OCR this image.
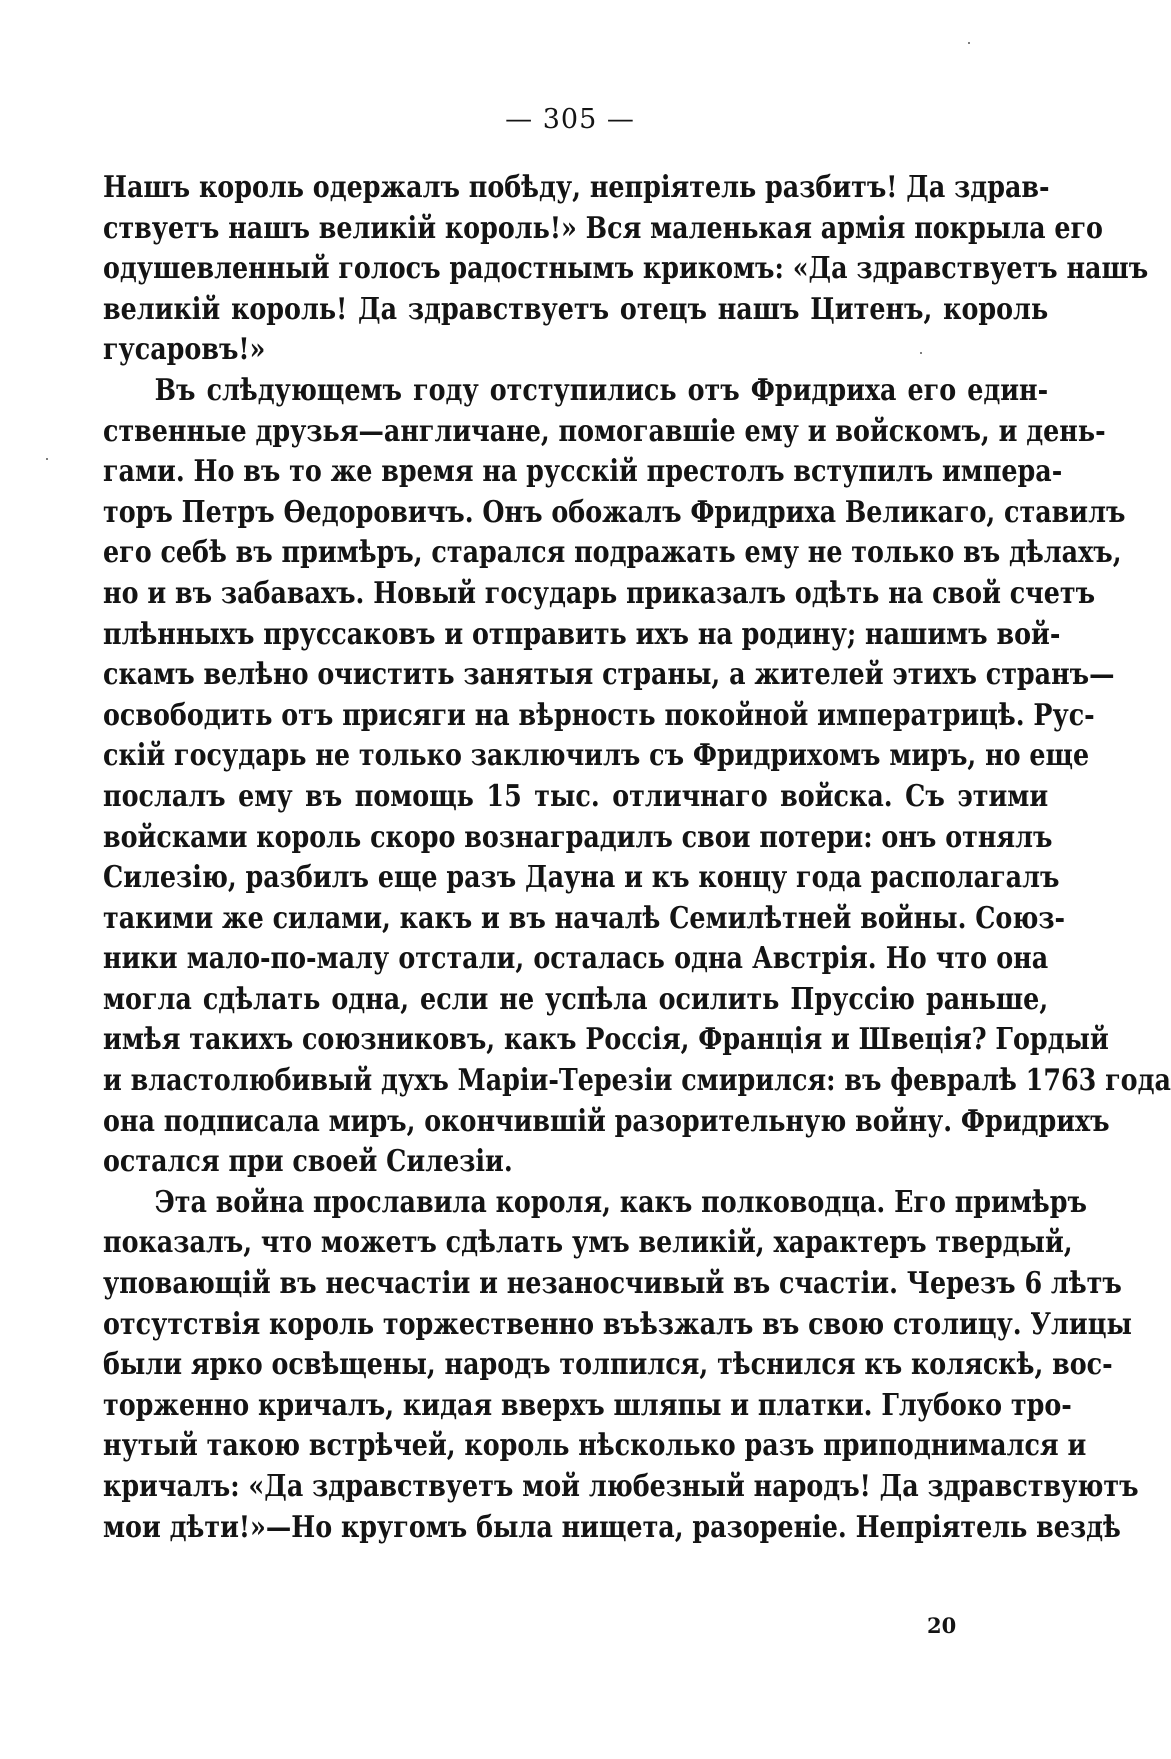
— 305 —
Нашъ король одержалъ побѣду, непріятель разбитъ! Да здрав-
ствуетъ нашъ великій король!» Вся маленькая армія покрыла его
одушевленный голосъ радостнымъ крикомъ: «Да здравствуетъ нашъ
великій король! Да здравствуетъ отецъ нашъ Цитенъ, король
гусаровъ!»
Въ слѣдующемъ году отступились отъ Фридриха его един-
ственные друзья—англичане, помогавшіе ему и войскомъ, и день-
гами. Но въ то же время на русскій престолъ вступилъ импера-
торъ Петръ Ѳедоровичъ. Онъ обожалъ Фридриха Великаго, ставилъ
его себѣ въ примѣръ, старался подражать ему не только въ дѣлахъ,
но и въ забавахъ. Новый государь приказалъ одѣть на свой счетъ
плѣнныхъ пруссаковъ и отправить ихъ на родину; нашимъ вой-
скамъ велѣно очистить занятыя страны, а жителей этихъ странъ—
освободить отъ присяги на вѣрность покойной императрицѣ. Рус-
скій государь не только заключилъ съ Фридрихомъ миръ, но еще
послалъ ему въ помощь 15 тыс. отличнаго войска. Съ этими
войсками король скоро вознаградилъ свои потери: онъ отнялъ
Силезію, разбилъ еще разъ Дауна и къ концу года располагалъ
такими же силами, какъ и въ началѣ Семилѣтней войны. Союз-
ники мало-по-малу отстали, осталась одна Австрія. Но что она
могла сдѣлать одна, если не успѣла осилить Пруссію раньше,
имѣя такихъ союзниковъ, какъ Россія, Франція и Швеція? Гордый
и властолюбивый духъ Маріи-Терезіи смирился: въ февралѣ 1763 года
она подписала миръ, окончившій разорительную войну. Фридрихъ
остался при своей Силезіи.
Эта война прославила короля, какъ полководца. Его примѣръ
показалъ, что можетъ сдѣлать умъ великій, характеръ твердый,
уповающій въ несчастіи и незаносчивый въ счастіи. Черезъ 6 лѣтъ
отсутствія король торжественно въѣзжалъ въ свою столицу. Улицы
были ярко освѣщены, народъ толпился, тѣснился къ коляскѣ, вос-
торженно кричалъ, кидая вверхъ шляпы и платки. Глубоко тро-
нутый такою встрѣчей, король нѣсколько разъ приподнимался и
кричалъ: «Да здравствуетъ мой любезный народъ! Да здравствуютъ
мои дѣти!»—Но кругомъ была нищета, разореніе. Непріятель вездѣ
20
